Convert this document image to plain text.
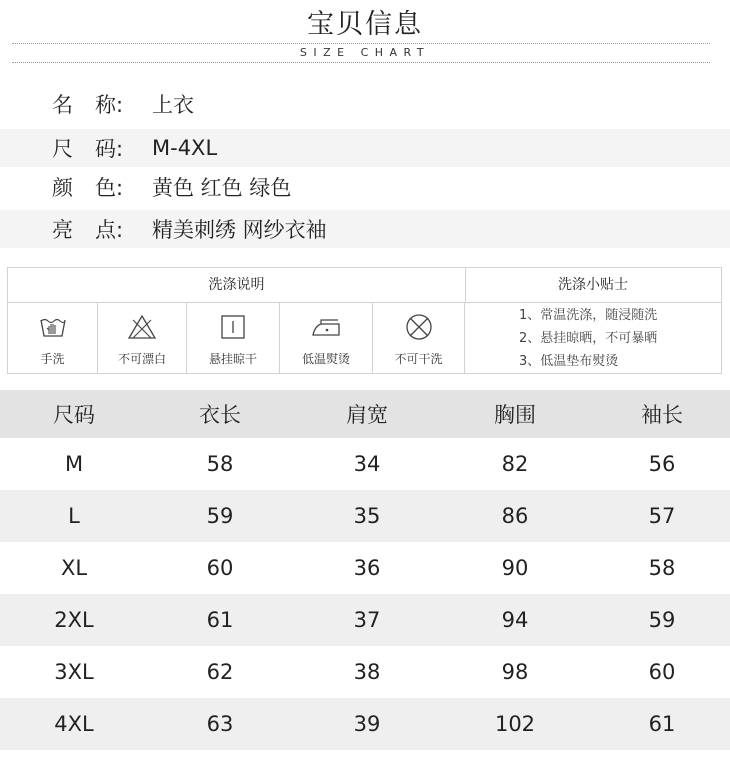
宝贝信息
SIZE CHART
名 称: 上衣
尺 码: M-4XL
颜 色: 黄色 红色 绿色
亮 点: 精美刺绣 网纱衣袖
洗涤说明	洗涤小贴士
手洗	不可漂白	悬挂晾干	低温熨烫	不可干洗
1、常温洗涤，随浸随洗
2、悬挂晾晒，不可暴晒
3、低温垫布熨烫
尺码	衣长	肩宽	胸围	袖长
M	58	34	82	56
L	59	35	86	57
XL	60	36	90	58
2XL	61	37	94	59
3XL	62	38	98	60
4XL	63	39	102	61
